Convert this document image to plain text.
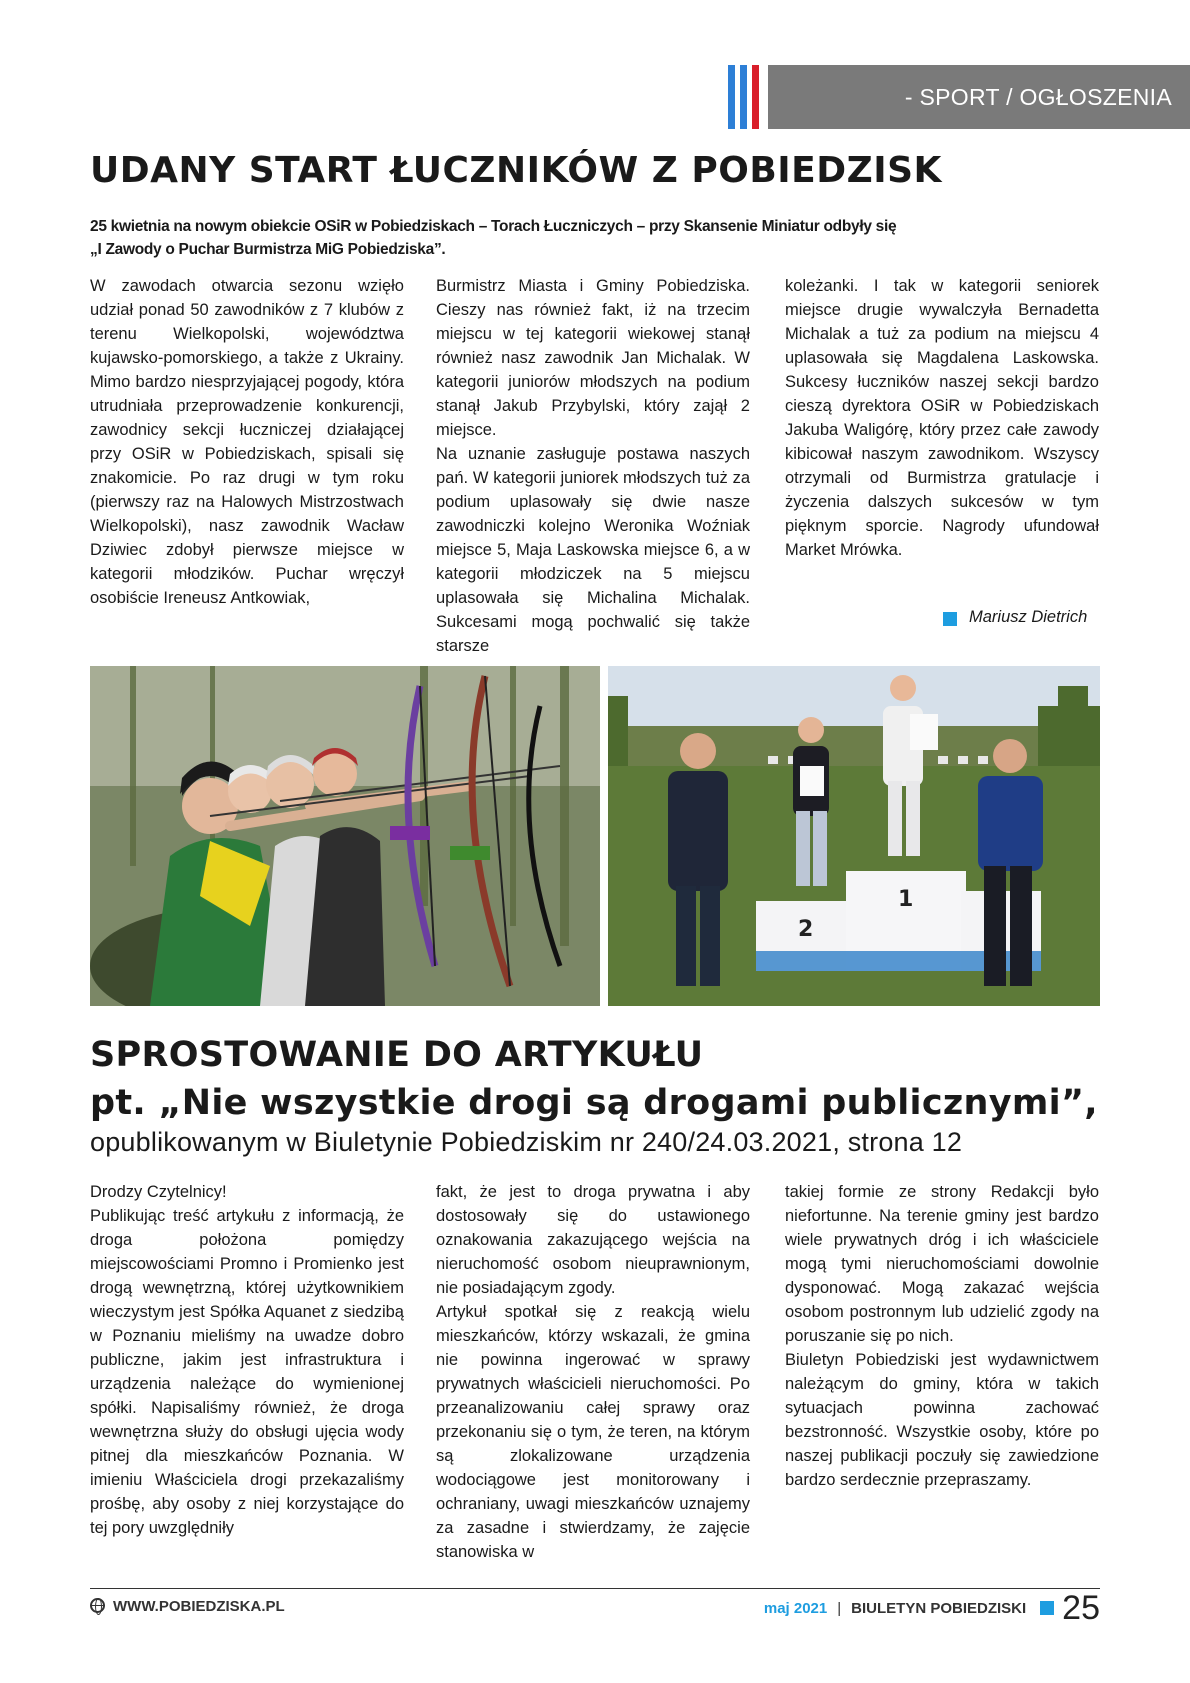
- SPORT / OGŁOSZENIA
UDANY START ŁUCZNIKÓW Z POBIEDZISK
25 kwietnia na nowym obiekcie OSiR w Pobiedziskach – Torach Łuczniczych – przy Skansenie Miniatur odbyły się
„I Zawody o Puchar Burmistrza MiG Pobiedziska”.

W zawodach otwarcia sezonu wzięło udział ponad 50 zawodników z 7 klubów z terenu Wielkopolski, województwa kujawsko-pomorskiego, a także z Ukrainy. Mimo bardzo niesprzyjającej pogody, która utrudniała przeprowadzenie konkurencji, zawodnicy sekcji łuczniczej działającej przy OSiR w Pobiedziskach, spisali się znakomicie. Po raz drugi w tym roku (pierwszy raz na Halowych Mistrzostwach Wielkopolski), nasz zawodnik Wacław Dziwiec zdobył pierwsze miejsce w kategorii młodzików. Puchar wręczył osobiście Ireneusz Antkowiak,

Burmistrz Miasta i Gminy Pobiedziska. Cieszy nas również fakt, iż na trzecim miejscu w tej kategorii wiekowej stanął również nasz zawodnik Jan Michalak. W kategorii juniorów młodszych na podium stanął Jakub Przybylski, który zajął 2 miejsce.

Na uznanie zasługuje postawa naszych pań. W kategorii juniorek młodszych tuż za podium uplasowały się dwie nasze zawodniczki kolejno Weronika Woźniak miejsce 5, Maja Laskowska miejsce 6, a w kategorii młodziczek na 5 miejscu uplasowała się Michalina Michalak. Sukcesami mogą pochwalić się także starsze

koleżanki. I tak w kategorii seniorek miejsce drugie wywalczyła Bernadetta Michalak a tuż za podium na miejscu 4 uplasowała się Magdalena Laskowska. Sukcesy łuczników naszej sekcji bardzo cieszą dyrektora OSiR w Pobiedziskach Jakuba Waligórę, który przez całe zawody kibicował naszym zawodnikom. Wszyscy otrzymali od Burmistrza gratulacje i życzenia dalszych sukcesów w tym pięknym sporcie. Nagrody ufundował Market Mrówka.

Mariusz Dietrich
2
1
SPROSTOWANIE DO ARTYKUŁU
pt. „Nie wszystkie drogi są drogami publicznymi”,
opublikowanym w Biuletynie Pobiedziskim nr 240/24.03.2021, strona 12

Drodzy Czytelnicy!

Publikując treść artykułu z informacją, że droga położona pomiędzy miejscowościami Promno i Promienko jest drogą wewnętrzną, której użytkownikiem wieczystym jest Spółka Aquanet z siedzibą w Poznaniu mieliśmy na uwadze dobro publiczne, jakim jest infrastruktura i urządzenia należące do wymienionej spółki. Napisaliśmy również, że droga wewnętrzna służy do obsługi ujęcia wody pitnej dla mieszkańców Poznania. W imieniu Właściciela drogi przekazaliśmy prośbę, aby osoby z niej korzystające do tej pory uwzględniły

fakt, że jest to droga prywatna i aby dostosowały się do ustawionego oznakowania zakazującego wejścia na nieruchomość osobom nieuprawnionym, nie posiadającym zgody.

Artykuł spotkał się z reakcją wielu mieszkańców, którzy wskazali, że gmina nie powinna ingerować w sprawy prywatnych właścicieli nieruchomości. Po przeanalizowaniu całej sprawy oraz przekonaniu się o tym, że teren, na którym są zlokalizowane urządzenia wodociągowe jest monitorowany i ochraniany, uwagi mieszkańców uznajemy za zasadne i stwierdzamy, że zajęcie stanowiska w

takiej formie ze strony Redakcji było niefortunne. Na terenie gminy jest bardzo wiele prywatnych dróg i ich właściciele mogą tymi nieruchomościami dowolnie dysponować. Mogą zakazać wejścia osobom postronnym lub udzielić zgody na poruszanie się po nich.

Biuletyn Pobiedziski jest wydawnictwem należącym do gminy, która w takich sytuacjach powinna zachować bezstronność. Wszystkie osoby, które po naszej publikacji poczuły się zawiedzione bardzo serdecznie przepraszamy.

WWW.POBIEDZISKA.PL	maj 2021 | BIULETYN POBIEDZISKI 25
